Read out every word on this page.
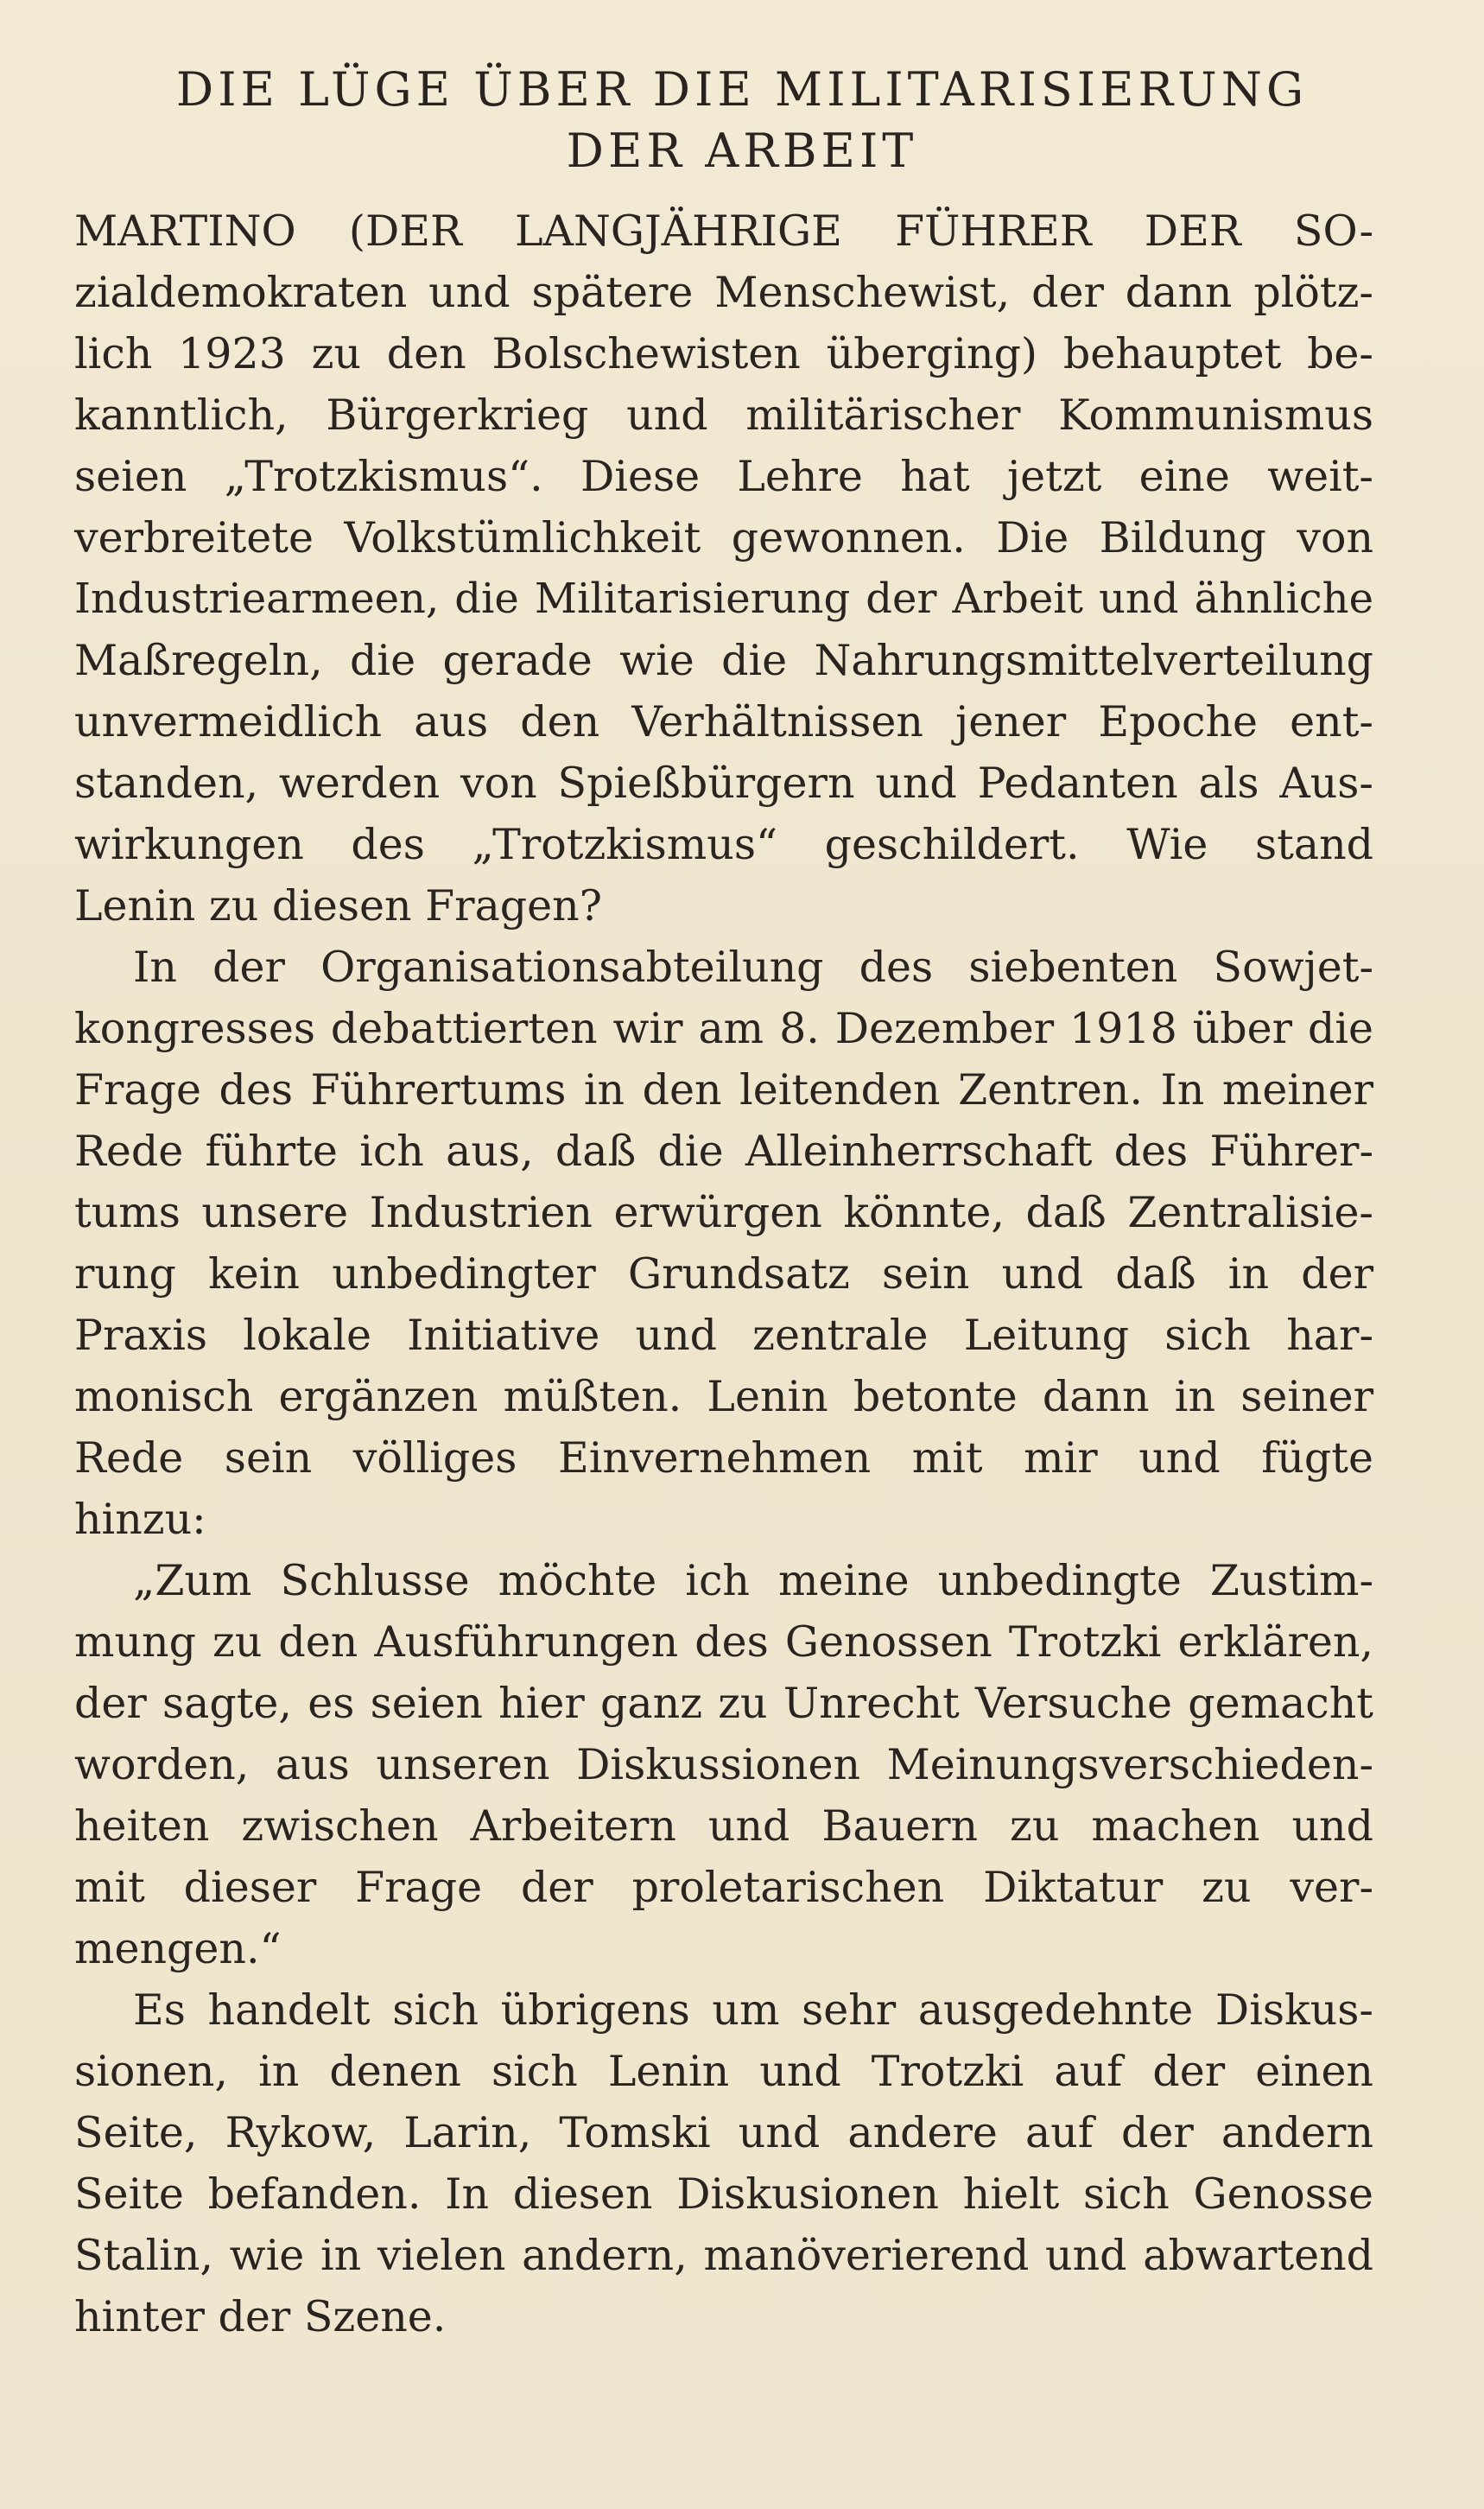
DIE LÜGE ÜBER DIE MILITARISIERUNG
DER ARBEIT
MARTINO (DER LANGJÄHRIGE FÜHRER DER SO-
zialdemokraten und spätere Menschewist, der dann plötz-
lich 1923 zu den Bolschewisten überging) behauptet be-
kanntlich, Bürgerkrieg und militärischer Kommunismus
seien „Trotzkismus“. Diese Lehre hat jetzt eine weit-
verbreitete Volkstümlichkeit gewonnen. Die Bildung von
Industriearmeen, die Militarisierung der Arbeit und ähnliche
Maßregeln, die gerade wie die Nahrungsmittelverteilung
unvermeidlich aus den Verhältnissen jener Epoche ent-
standen, werden von Spießbürgern und Pedanten als Aus-
wirkungen des „Trotzkismus“ geschildert. Wie stand
Lenin zu diesen Fragen?
In der Organisationsabteilung des siebenten Sowjet-
kongresses debattierten wir am 8. Dezember 1918 über die
Frage des Führertums in den leitenden Zentren. In meiner
Rede führte ich aus, daß die Alleinherrschaft des Führer-
tums unsere Industrien erwürgen könnte, daß Zentralisie-
rung kein unbedingter Grundsatz sein und daß in der
Praxis lokale Initiative und zentrale Leitung sich har-
monisch ergänzen müßten. Lenin betonte dann in seiner
Rede sein völliges Einvernehmen mit mir und fügte
hinzu:
„Zum Schlusse möchte ich meine unbedingte Zustim-
mung zu den Ausführungen des Genossen Trotzki erklären,
der sagte, es seien hier ganz zu Unrecht Versuche gemacht
worden, aus unseren Diskussionen Meinungsverschieden-
heiten zwischen Arbeitern und Bauern zu machen und
mit dieser Frage der proletarischen Diktatur zu ver-
mengen.“
Es handelt sich übrigens um sehr ausgedehnte Diskus-
sionen, in denen sich Lenin und Trotzki auf der einen
Seite, Rykow, Larin, Tomski und andere auf der andern
Seite befanden. In diesen Diskusionen hielt sich Genosse
Stalin, wie in vielen andern, manöverierend und abwartend
hinter der Szene.
